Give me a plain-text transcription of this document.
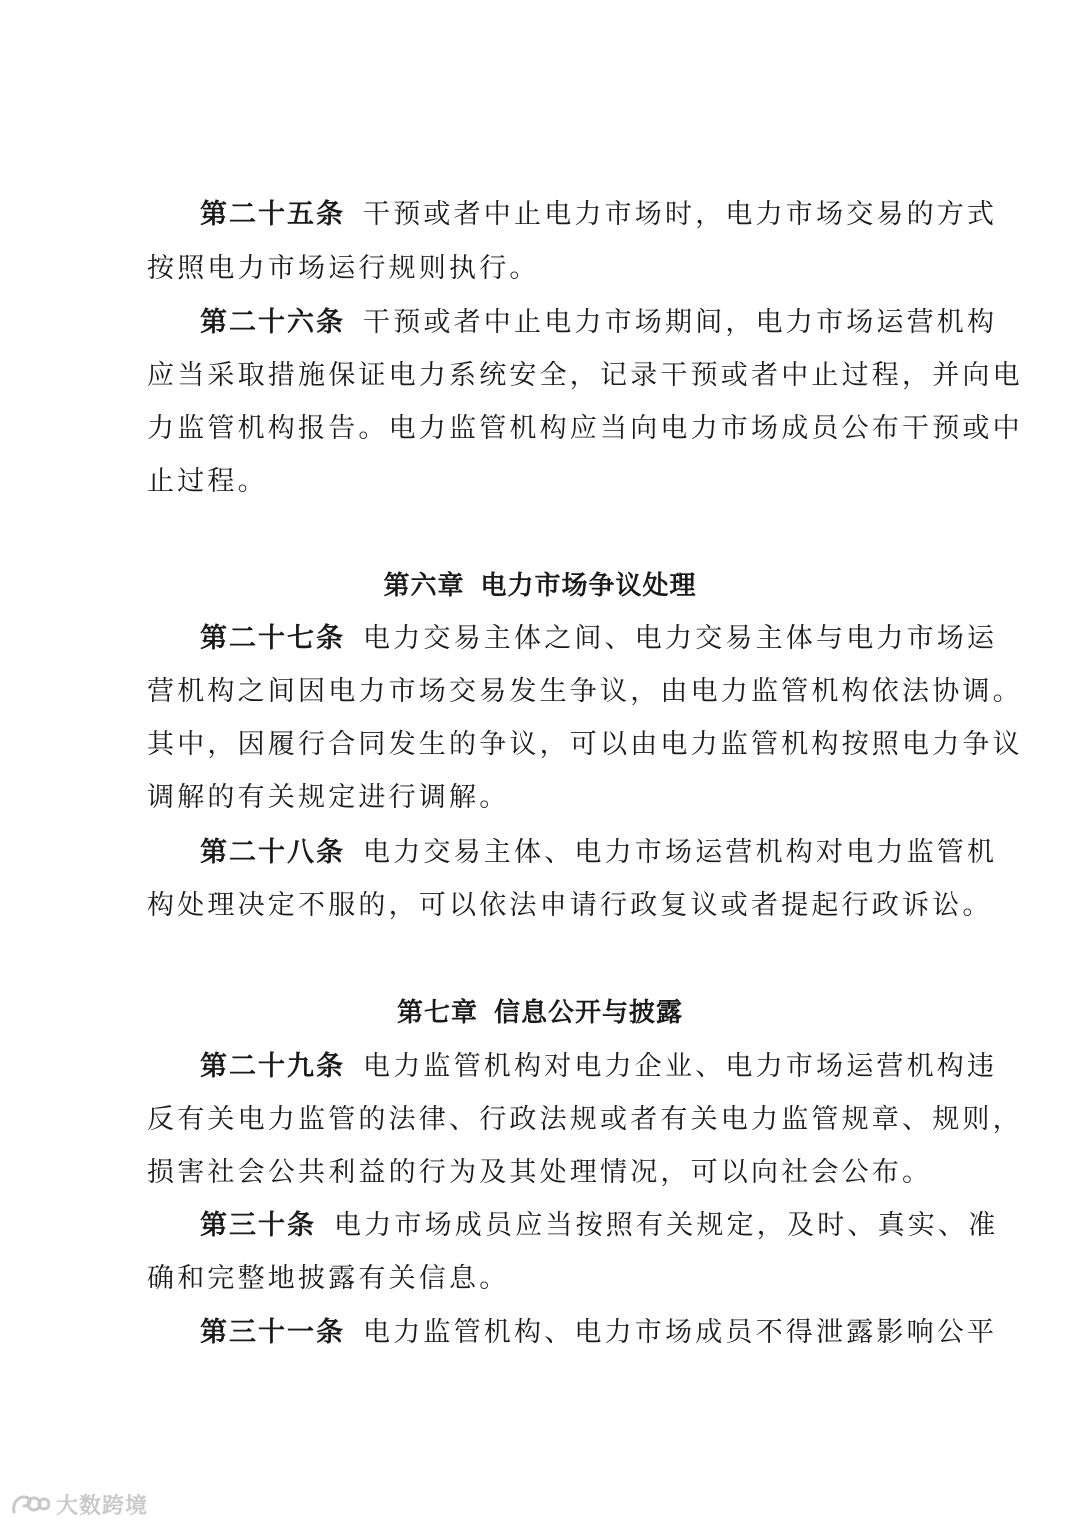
第二十五条 干预或者中止电力市场时，电力市场交易的方式
按照电力市场运行规则执行。
第二十六条 干预或者中止电力市场期间，电力市场运营机构
应当采取措施保证电力系统安全，记录干预或者中止过程，并向电
力监管机构报告。电力监管机构应当向电力市场成员公布干预或中
止过程。
第六章 电力市场争议处理
第二十七条 电力交易主体之间、电力交易主体与电力市场运
营机构之间因电力市场交易发生争议，由电力监管机构依法协调。
其中，因履行合同发生的争议，可以由电力监管机构按照电力争议
调解的有关规定进行调解。
第二十八条 电力交易主体、电力市场运营机构对电力监管机
构处理决定不服的，可以依法申请行政复议或者提起行政诉讼。
第七章 信息公开与披露
第二十九条 电力监管机构对电力企业、电力市场运营机构违
反有关电力监管的法律、行政法规或者有关电力监管规章、规则，
损害社会公共利益的行为及其处理情况，可以向社会公布。
第三十条 电力市场成员应当按照有关规定，及时、真实、准
确和完整地披露有关信息。
第三十一条 电力监管机构、电力市场成员不得泄露影响公平
大数跨境
